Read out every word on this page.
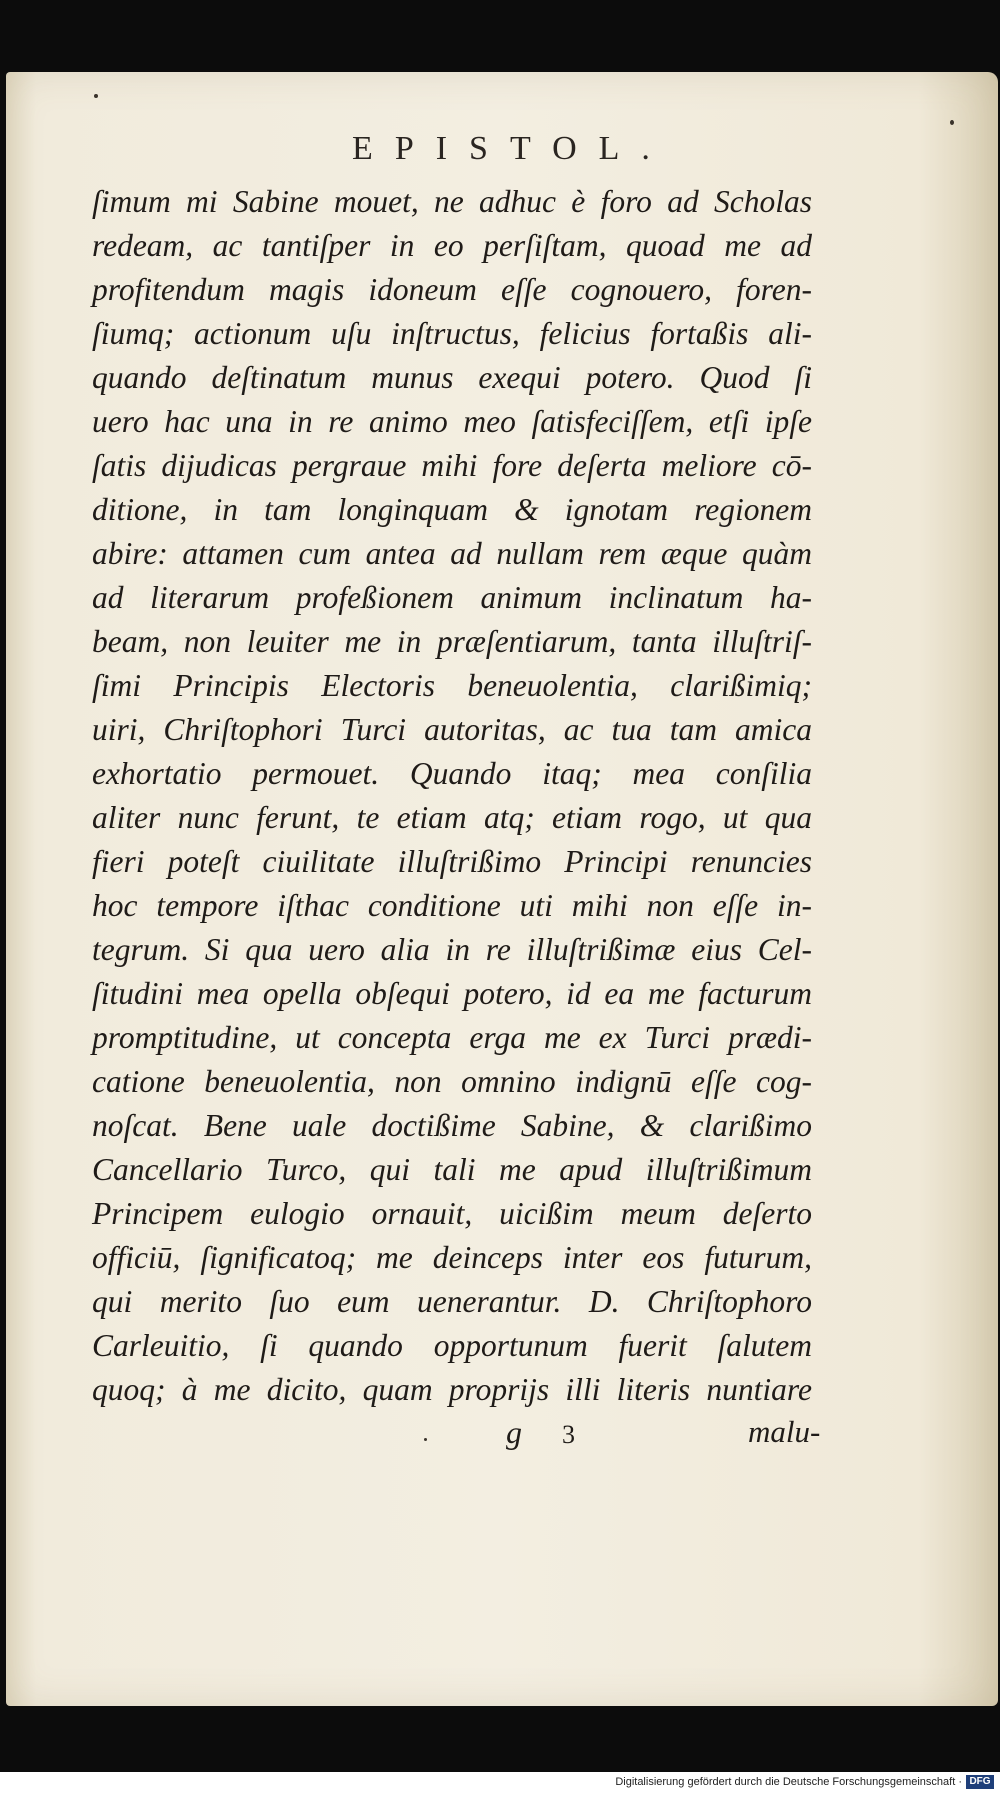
EPISTOL.
ſimum mi Sabine mouet, ne adhuc è foro ad Scholas
redeam, ac tantiſper in eo perſiſtam, quoad me ad
profitendum magis idoneum eſſe cognouero, foren-
ſiumq; actionum uſu inſtructus, felicius fortaßis ali-
quando deſtinatum munus exequi potero. Quod ſi
uero hac una in re animo meo ſatisfeciſſem, etſi ipſe
ſatis dijudicas pergraue mihi fore deſerta meliore cō-
ditione, in tam longinquam & ignotam regionem
abire: attamen cum antea ad nullam rem æque quàm
ad literarum profeßionem animum inclinatum ha-
beam, non leuiter me in præſentiarum, tanta illuſtriſ-
ſimi Principis Electoris beneuolentia, clarißimiq;
uiri, Chriſtophori Turci autoritas, ac tua tam amica
exhortatio permouet. Quando itaq; mea conſilia
aliter nunc ferunt, te etiam atq; etiam rogo, ut qua
fieri poteſt ciuilitate illuſtrißimo Principi renuncies
hoc tempore iſthac conditione uti mihi non eſſe in-
tegrum. Si qua uero alia in re illuſtrißimæ eius Cel-
ſitudini mea opella obſequi potero, id ea me facturum
promptitudine, ut concepta erga me ex Turci prædi-
catione beneuolentia, non omnino indignū eſſe cog-
noſcat. Bene uale doctißime Sabine, & clarißimo
Cancellario Turco, qui tali me apud illuſtrißimum
Principem eulogio ornauit, uicißim meum deſerto
officiū, ſignificatoq; me deinceps inter eos futurum,
qui merito ſuo eum uenerantur. D. Chriſtophoro
Carleuitio, ſi quando opportunum fuerit ſalutem
quoq; à me dicito, quam proprijs illi literis nuntiare
g 3	malu-
Digitalisierung gefördert durch die Deutsche Forschungsgemeinschaft · DFG
